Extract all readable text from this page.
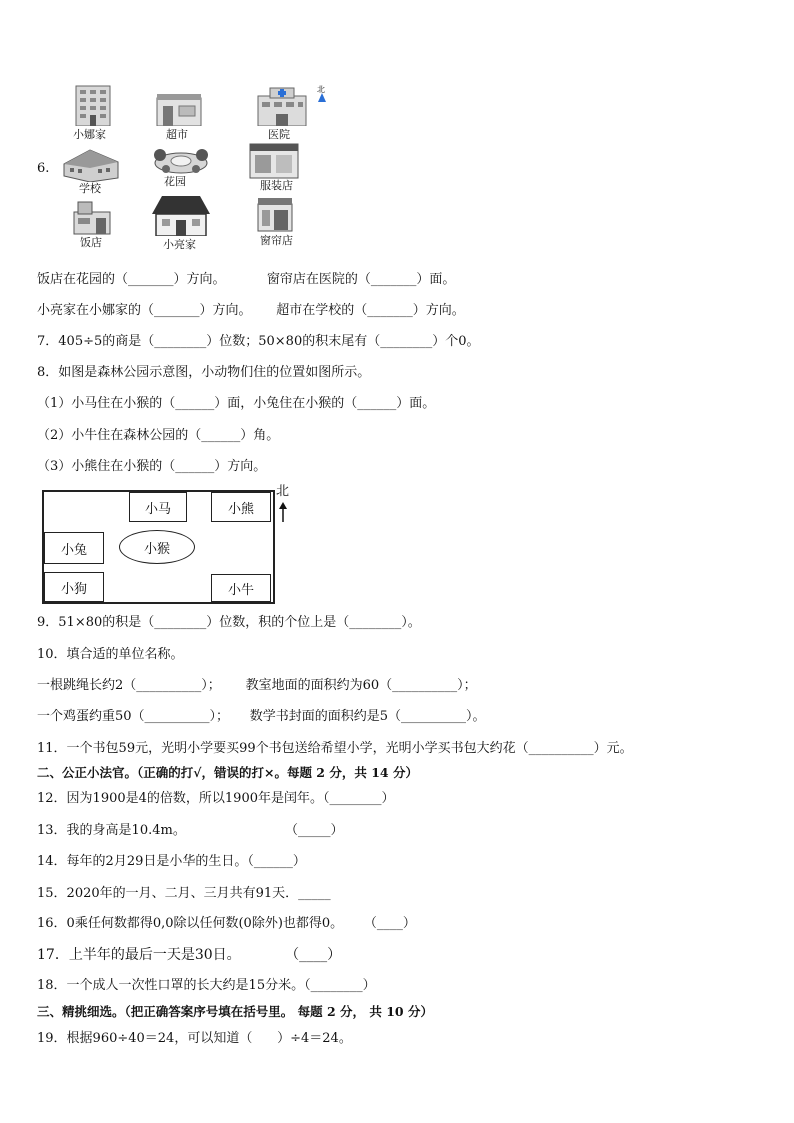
北
小娜家	超市	医院
6.
学校
花园	服装店
饭店	小亮家	窗帘店
饭店在花园的（_______）方向。          窗帘店在医院的（_______）面。
小亮家在小娜家的（_______）方向。      超市在学校的（_______）方向。
7．405÷5的商是（________）位数；50×80的积末尾有（________）个0。
8．如图是森林公园示意图，小动物们住的位置如图所示。
（1）小马住在小猴的（______）面，小兔住在小猴的（______）面。
（2）小牛住在森林公园的（______）角。
（3）小熊住在小猴的（______）方向。
小马	小熊
小兔	小猴
小狗	小牛
北
9．51×80的积是（________）位数，积的个位上是（________）。
10．填合适的单位名称。
一根跳绳长约2（__________）；      教室地面的面积约为60（__________）；
一个鸡蛋约重50（__________）；     数学书封面的面积约是5（__________）。
11．一个书包59元，光明小学要买99个书包送给希望小学，光明小学买书包大约花（__________）元。
二、公正小法官。（正确的打√，错误的打×。每题 2 分，共 14 分）
12．因为1900是4的倍数，所以1900年是闰年。（________）
13．我的身高是10.4m。                        （_____）
14．每年的2月29日是小华的生日。（______）
15．2020年的一月、二月、三月共有91天．_____
16．0乘任何数都得0,0除以任何数(0除外)也都得0。     （____）
17．上半年的最后一天是30日。          （____）
18．一个成人一次性口罩的长大约是15分米。（________）
三、精挑细选。（把正确答案序号填在括号里。 每题 2 分， 共 10 分）
19．根据960÷40＝24，可以知道（      ）÷4＝24。
